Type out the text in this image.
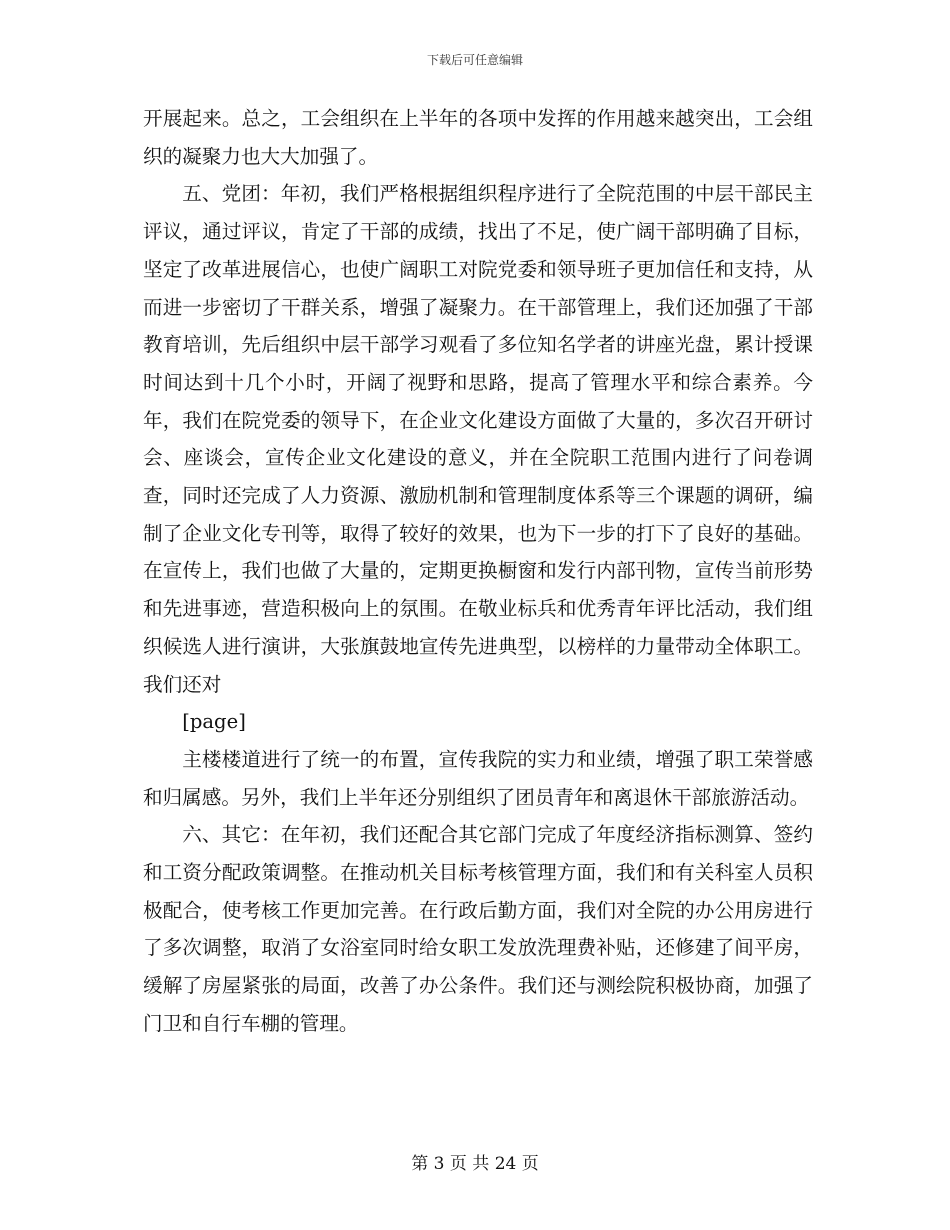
下载后可任意编辑

开展起来。总之，工会组织在上半年的各项中发挥的作用越来越突出，工会组织的凝聚力也大大加强了。

五、党团：年初，我们严格根据组织程序进行了全院范围的中层干部民主评议，通过评议，肯定了干部的成绩，找出了不足，使广阔干部明确了目标，坚定了改革进展信心，也使广阔职工对院党委和领导班子更加信任和支持，从而进一步密切了干群关系，增强了凝聚力。在干部管理上，我们还加强了干部教育培训，先后组织中层干部学习观看了多位知名学者的讲座光盘，累计授课时间达到十几个小时，开阔了视野和思路，提高了管理水平和综合素养。今年，我们在院党委的领导下，在企业文化建设方面做了大量的，多次召开研讨会、座谈会，宣传企业文化建设的意义，并在全院职工范围内进行了问卷调查，同时还完成了人力资源、激励机制和管理制度体系等三个课题的调研，编制了企业文化专刊等，取得了较好的效果，也为下一步的打下了良好的基础。在宣传上，我们也做了大量的，定期更换橱窗和发行内部刊物，宣传当前形势和先进事迹，营造积极向上的氛围。在敬业标兵和优秀青年评比活动，我们组织候选人进行演讲，大张旗鼓地宣传先进典型，以榜样的力量带动全体职工。我们还对

[page]

主楼楼道进行了统一的布置，宣传我院的实力和业绩，增强了职工荣誉感和归属感。另外，我们上半年还分别组织了团员青年和离退休干部旅游活动。

六、其它：在年初，我们还配合其它部门完成了年度经济指标测算、签约和工资分配政策调整。在推动机关目标考核管理方面，我们和有关科室人员积极配合，使考核工作更加完善。在行政后勤方面，我们对全院的办公用房进行了多次调整，取消了女浴室同时给女职工发放洗理费补贴，还修建了间平房，缓解了房屋紧张的局面，改善了办公条件。我们还与测绘院积极协商，加强了门卫和自行车棚的管理。

第 3 页 共 24 页
